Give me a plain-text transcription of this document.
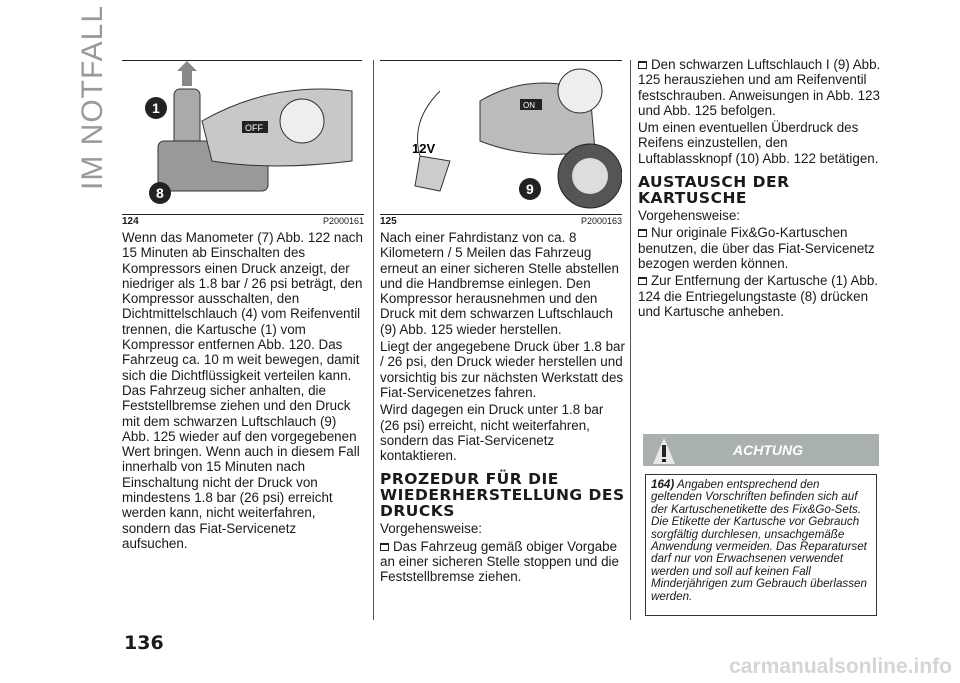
IM NOTFALL	OFF
1
8
124	P2000161
ON
12V
9
125	P2000163

Wenn das Manometer (7) Abb. 122 nach 15 Minuten ab Einschalten des Kompressors einen Druck anzeigt, der niedriger als 1.8 bar / 26 psi beträgt, den Kompressor ausschalten, den Dichtmittelschlauch (4) vom Reifenventil trennen, die Kartusche (1) vom Kompressor entfernen Abb. 120. Das Fahrzeug ca. 10 m weit bewegen, damit sich die Dichtflüssigkeit verteilen kann. Das Fahrzeug sicher anhalten, die Feststellbremse ziehen und den Druck mit dem schwarzen Luftschlauch (9) Abb. 125 wieder auf den vorgegebenen Wert bringen. Wenn auch in diesem Fall innerhalb von 15 Minuten nach Einschaltung nicht der Druck von mindestens 1.8 bar (26 psi) erreicht werden kann, nicht weiterfahren, sondern das Fiat-Servicenetz aufsuchen.

Nach einer Fahrdistanz von ca. 8 Kilometern / 5 Meilen das Fahrzeug erneut an einer sicheren Stelle abstellen und die Handbremse einlegen. Den Kompressor herausnehmen und den Druck mit dem schwarzen Luftschlauch (9) Abb. 125 wieder herstellen.

Liegt der angegebene Druck über 1.8 bar / 26 psi, den Druck wieder herstellen und vorsichtig bis zur nächsten Werkstatt des Fiat-Servicenetzes fahren.

Wird dagegen ein Druck unter 1.8 bar (26 psi) erreicht, nicht weiterfahren, sondern das Fiat-Servicenetz kontaktieren.

PROZEDUR FÜR DIE WIEDERHERSTELLUNG DES DRUCKS

Vorgehensweise:

Das Fahrzeug gemäß obiger Vorgabe an einer sicheren Stelle stoppen und die Feststellbremse ziehen.

Den schwarzen Luftschlauch I (9) Abb. 125 herausziehen und am Reifenventil festschrauben. Anweisungen in Abb. 123 und Abb. 125 befolgen.

Um einen eventuellen Überdruck des Reifens einzustellen, den Luftablassknopf (10) Abb. 122 betätigen.

AUSTAUSCH DER KARTUSCHE

Vorgehensweise:

Nur originale Fix&Go-Kartuschen benutzen, die über das Fiat-Servicenetz bezogen werden können.

Zur Entfernung der Kartusche (1) Abb. 124 die Entriegelungstaste (8) drücken und Kartusche anheben.

ACHTUNG
164) Angaben entsprechend den geltenden Vorschriften befinden sich auf der Kartuschenetikette des Fix&Go-Sets. Die Etikette der Kartusche vor Gebrauch sorgfältig durchlesen, unsachgemäße Anwendung vermeiden. Das Reparaturset darf nur von Erwachsenen verwendet werden und soll auf keinen Fall Minderjährigen zum Gebrauch überlassen werden.
136
carmanualsonline.info
